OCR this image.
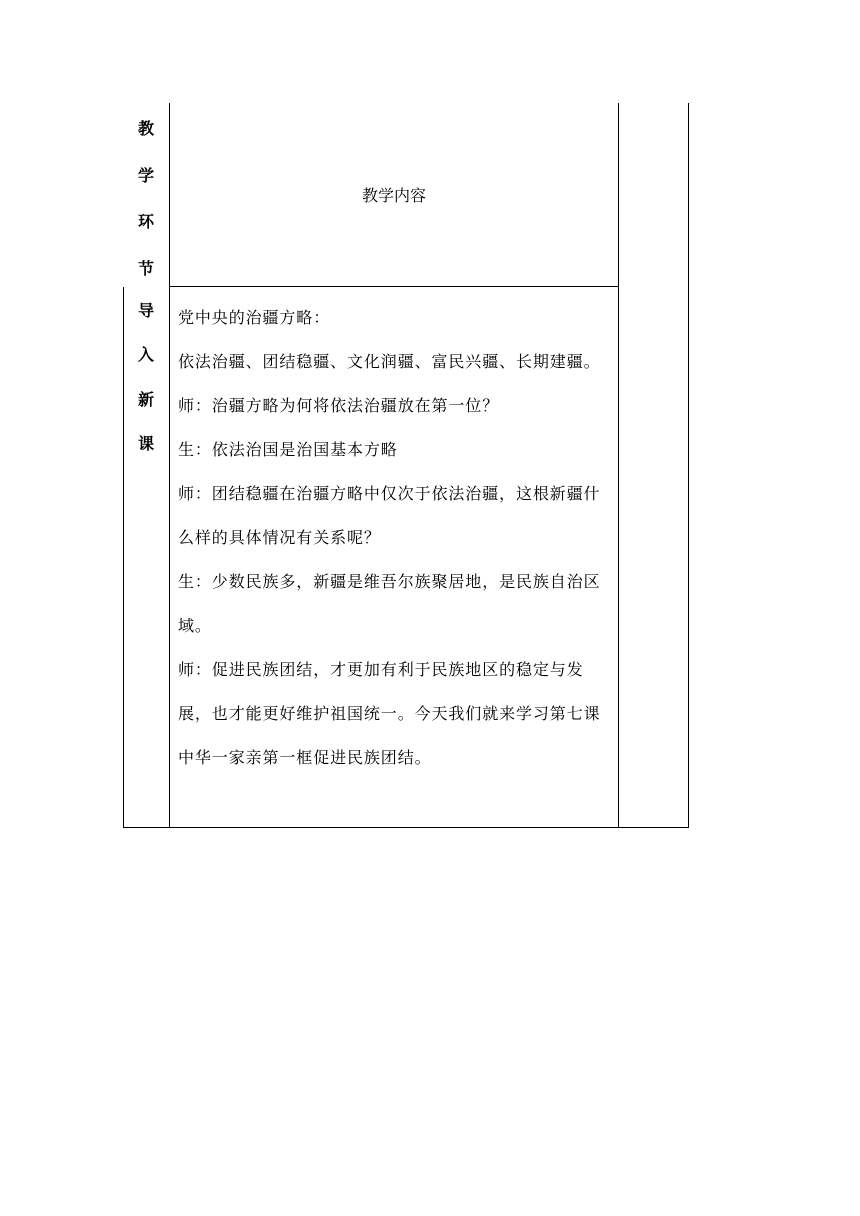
教
学
环
节
教学内容
导
入
新
课

党中央的治疆方略：

依法治疆、团结稳疆、文化润疆、富民兴疆、长期建疆。

师：治疆方略为何将依法治疆放在第一位？

生：依法治国是治国基本方略

师：团结稳疆在治疆方略中仅次于依法治疆，这根新疆什么样的具体情况有关系呢？

生：少数民族多，新疆是维吾尔族聚居地，是民族自治区域。

师：促进民族团结，才更加有利于民族地区的稳定与发展，也才能更好维护祖国统一。今天我们就来学习第七课中华一家亲第一框促进民族团结。
